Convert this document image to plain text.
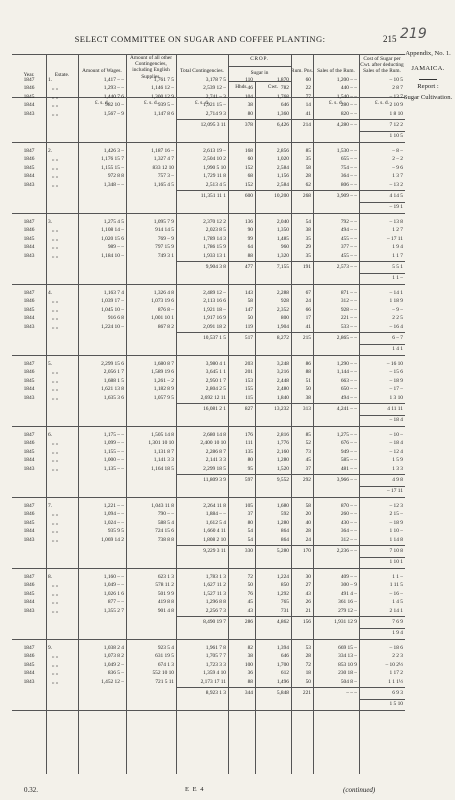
SELECT COMMITTEE ON SUGAR AND COFFEE PLANTING:	215 219
Appendix, No. 1.
JAMAICA.
Report :
Sugar Cultivation.
Year.	Estate.
Amount of Wages.
Amount of all other Contingencies, including English Supplies.
Total Contingencies.
CROP.
Sugar in
Hhds.	Cwt.
Rum. Pns. Sales of the Rum.
Cost of Sugar per Cwt. after deducting Sales of the Rum.
£. s. d.	£. s. d.	£. s. d.	£. s. d.	£. s. d.
1847	1.	1,417 – –	1,761 7 5	3,178 7 5	110	1,870	60	1,200 – –	– 10 5
1846	„ „	1,293 – –	1,146 12 –	2,539 12 –	46	782	22	440 – –	2 8 7
1845	„ „	1,440 7 6	1,300 12 9	2,741 – 3	104	1,768	77	1,540 – –	– 13 7
1844	„ „	982 10 –	939 5 –	1,921 15 –	38	646	14	280 – –	2 10 9
1843	„ „	1,567 – 9	1,147 8 6	2,714 9 3	80	1,360	41	820 – –	1 8 10
12,095 3 11	378	6,426	214	4,280 – –	7 12 2
1 10 5
1847	2.	1,426 3 –	1,187 16 –	2,613 19 –	168	2,856	85	1,530 – –	– 8 –
1846	„ „	1,176 15 7	1,327 4 7	2,504 10 2	60	1,020	35	655 – –	2 – 2
1845	„ „	1,155 15 –	833 12 10	1,990 5 10	152	2,584	58	754 – –	– 9 6
1844	„ „	972 8 8	757 3 –	1,729 11 8	68	1,156	28	364 – –	1 3 7
1843	„ „	1,348 – –	1,165 4 5	2,513 4 5	152	2,584	62	806 – –	– 13 2
11,351 11 1	600	10,200	268	3,909 – –	4 14 5
– 19 1
1847	3.	1,275 4 5	1,095 7 9	2,370 12 2	136	2,040	54	792 – –	– 13 8
1846	„ „	1,108 14 –	914 14 5	2,023 8 5	90	1,350	38	494 – –	1 2 7
1845	„ „	1,020 15 6	769 – 9	1,789 14 3	99	1,485	35	455 – –	– 17 11
1844	„ „	989 – –	797 15 9	1,786 15 9	64	960	29	377 – –	1 9 4
1843	„ „	1,184 10 –	749 3 1	1,933 13 1	88	1,320	35	455 – –	1 1 7
9,904 3 8	477	7,155	191	2,573 – –	5 5 1
1 1 –
1847	4.	1,163 7 4	1,326 4 8	2,489 12 –	143	2,288	67	871 – –	– 14 1
1846	„ „	1,039 17 –	1,073 19 6	2,113 16 6	58	928	24	312 – –	1 18 9
1845	„ „	1,045 10 –	876 8 –	1,921 18 –	147	2,352	66	928 – –	– 9 –
1844	„ „	916 6 8	1,001 10 1	1,917 16 9	50	800	17	221 – –	2 2 5
1843	„ „	1,224 10 –	867 8 2	2,091 18 2	119	1,904	41	533 – –	– 16 4
10,537 1 5	517	8,272	215	2,865 – –	6 – 7
1 4 1
1847	5.	2,299 15 6	1,680 8 7	3,980 4 1	203	3,248	86	1,290 – –	– 16 10
1846	„ „	2,056 1 7	1,589 19 6	3,645 1 1	201	3,216	88	1,144 – –	– 15 6
1845	„ „	1,688 1 5	1,261 – 2	2,950 1 7	153	2,448	51	663 – –	– 18 9
1844	„ „	1,621 13 8	1,182 8 9	2,804 2 5	155	2,480	50	650 – –	– 17 –
1843	„ „	1,635 3 6	1,057 9 5	2,692 12 11	115	1,840	38	494 – –	1 3 10
16,081 2 1	827	13,232	313	4,241 – –	4 11 11
– 18 4
1847	6.	1,175 – –	1,505 14 8	2,680 14 8	176	2,816	85	1,275 – –	– 10 –
1846	„ „	1,099 – –	1,301 10 10	2,400 10 10	111	1,776	52	676 – –	– 18 4
1845	„ „	1,155 – –	1,131 8 7	2,286 8 7	135	2,160	73	949 – –	– 12 4
1844	„ „	1,000 – –	1,141 3 3	2,141 3 3	80	1,280	45	585 – –	1 5 9
1843	„ „	1,135 – –	1,164 18 5	2,299 18 5	95	1,520	37	481 – –	1 3 3
11,809 3 9	597	9,552	292	3,966 – –	4 9 8
– 17 11
1847	7.	1,221 – –	1,043 11 8	2,264 11 8	105	1,680	58	870 – –	– 12 3
1846	„ „	1,094 – –	790 – –	1,884 – –	37	592	20	260 – –	2 15 –
1845	„ „	1,024 – –	588 5 4	1,612 5 4	80	1,280	40	430 – –	– 18 9
1844	„ „	935 9 5	724 15 6	1,660 4 11	54	864	28	364 – –	1 10 –
1843	„ „	1,069 14 2	738 8 8	1,808 2 10	54	864	24	312 – –	1 14 8
9,229 3 11	330	5,280	170	2,236 – –	7 10 8
1 10 1
1847	8.	1,160 – –	623 1 3	1,783 1 3	72	1,224	30	409 – –	1 1 –
1846	„ „	1,049 – –	578 11 2	1,627 11 2	50	850	27	300 – 9	1 11 5
1845	„ „	1,026 1 6	501 9 9	1,527 11 3	76	1,292	43	491 4 –	– 16 –
1844	„ „	877 – –	419 8 8	1,296 8 8	45	765	26	361 16 –	1 4 5
1843	„ „	1,355 2 7	901 4 8	2,256 7 3	43	731	21	279 12 –	2 14 1
8,490 19 7	286	4,862	156	1,931 12 9	7 6 9
1 9 4
1847	9.	1,038 2 4	923 5 4	1,961 7 8	82	1,394	53	669 15 –	– 18 6
1846	„ „	1,073 8 2	631 19 5	1,705 7 7	38	646	28	334 13 –	2 2 3
1845	„ „	1,049 2 –	674 1 3	1,723 3 3	100	1,700	72	853 10 9	– 10 2½
1844	„ „	836 5 –	552 10 10	1,359 4 10	36	612	18	230 18 –	1 17 2
1843	„ „	1,452 12 –	721 5 11	2,173 17 11	88	1,496	50	504 8 –	1 1 1½
8,923 1 3	344	5,848	221	– – –	6 9 3
1 5 10
0.32.	E E 4	(continued)
